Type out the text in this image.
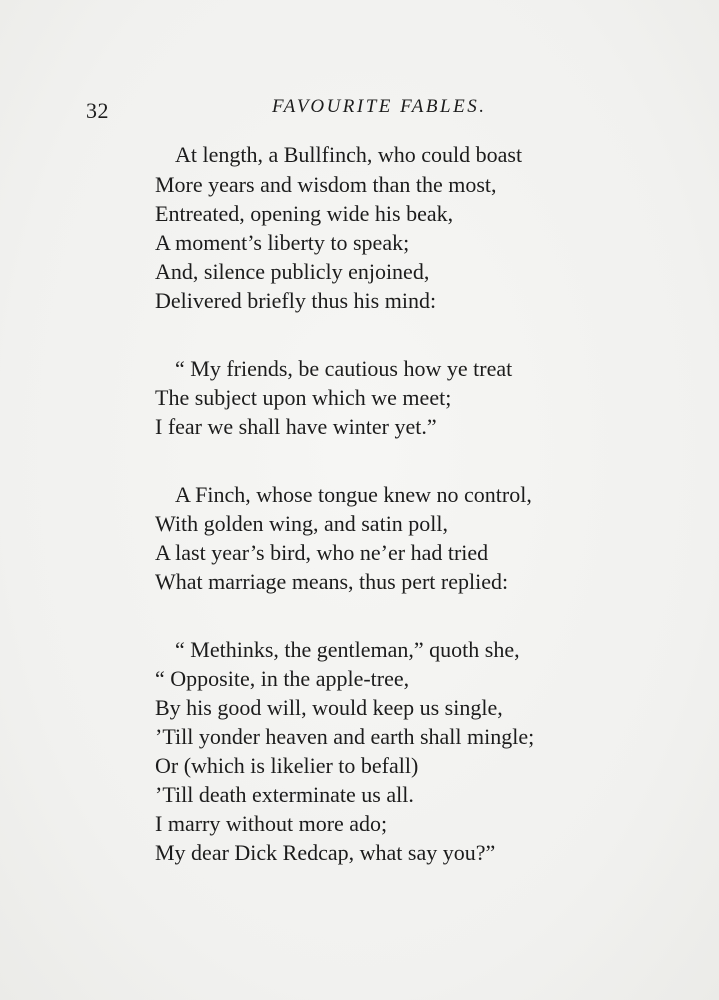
32	FAVOURITE FABLES.
At length, a Bullfinch, who could boast
More years and wisdom than the most,
Entreated, opening wide his beak,
A moment’s liberty to speak;
And, silence publicly enjoined,
Delivered briefly thus his mind:
“ My friends, be cautious how ye treat
The subject upon which we meet;
I fear we shall have winter yet.”
A Finch, whose tongue knew no control,
With golden wing, and satin poll,
A last year’s bird, who ne’er had tried
What marriage means, thus pert replied:
“ Methinks, the gentleman,” quoth she,
“ Opposite, in the apple-tree,
By his good will, would keep us single,
’Till yonder heaven and earth shall mingle;
Or (which is likelier to befall)
’Till death exterminate us all.
I marry without more ado;
My dear Dick Redcap, what say you?”
